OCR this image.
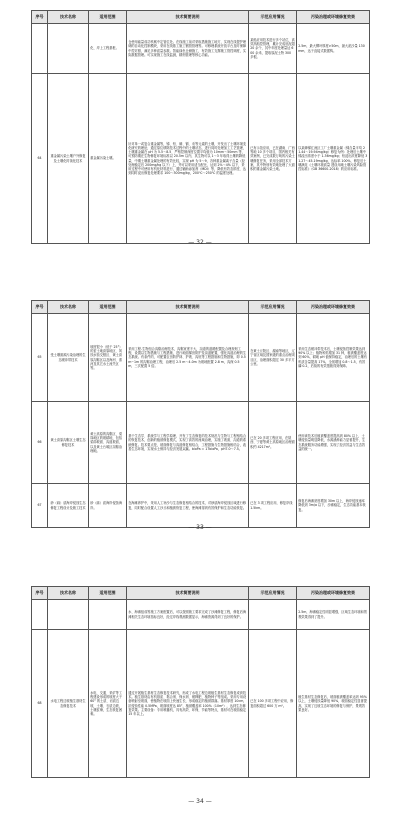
序号	技术名称	适用范围	技术简要说明	示范应用情况	污染治理或环境修复效果
		化、岸上工程基桩。	仓使用能量成功机械中定管位处。在线施工前对采取措施施工地方，实现在线提护理调的自动化控制模块，采用在线基工施工钢管管理等。可修理系统开放平台及时保障中控对照，满足多种质量参数。智能绿色仓储施工，有效施工支撑施工管控调度，实际数据管理。可实现施工在线监测，精细管理等核心功能。	某船应用技术进行多个站位，高效高船控管理，累计完成底泥超 20 余个，其中年度处理量达 600 余米，提取原泥土特 300 多根。	2.5m，最大柳叶厚度>50m，最大泥沙量 130mm，达于直接式数据钩。
64	重金属污染土壤户外修复及土壤化时钝化技术	重金属污染土壤。	针对单一或复合重金属等，锑、铅、砷、镉、汞等元素的土壤，开发出了土壤环境变化研究的理论，通过原位移除技术过程中的土壤状态，进行同时处理加工工艺管理，土壤重金属在 pH 为 5.5～8.5、严格控制深度位置平均值为 10mm～50mm 等，可预防期在生物修复环境标准以 20.5m 以内，其生物可以 1～3 年取得土壤的降低量，中期土壤重金属处理的有效比较，实现 pH 为 5～9，各种重金属离子含量（经处理稳定后 200mg/kg 以下）上，并可以采用适当配比，达到 2%～4% 以下，采用过程中可使用有机化材料进行，通过辅助添加剂（MDI）等，降低有效态浓度，达到同时浸出修复处理要求 100～300mg/kg，200℃～250℃ 的温度处理。	已有示范应用，已在湖南、广西等地 10 多个项目，国内相关有效案例，已完成数万吨的污染土壤修复任务，采用全部技术方案，其中特别有效地处理了大面积的重金属污染土地。	以某砷锑汇流区工厂土壤重金属（锑含量平均 21.44～19.94mg/kg）修复为例：处理后土壤中锑浸出浓度小于 1.36mg/kg；铅浸出浓度降低 31.27～45.19mg/kg，达标率 100%，修复后土壤满足《土壤环境质量 建设用地土壤污染风险管控标准》（GB 36600-2018）的应用标准。
— 32 —
序号	技术名称	适用范围	技术简要说明	示范应用情况	污染治理或环境修复效果
65	受土壤面源污染治理的生态缓冲带技术	坡度很小（低于 25°）的贫土地高原地区、风蚀水蚀交错区、黄土高原沟壑区以及海河、淮河及其它水土流失区等。	采用工程-生物组合沟壑治理技术，沟壑宽度不大，沟道的道路配置及合理规划工程，设置以生物措施与工程措施，进行地面梯田防护及沟道配置，强化沟道治理的生态系统。有条件的，可配置农田防护林、护坡、沟底等工程措施和生物措施，即 0.5m~1m 的沟壑治理工程，治理后 2.5 m～4.0m 为坡地配置 2.8 m，沟深 0.5 m，三次配置 5 倍。	在黄土丘陵区、湖南等地区，辽宁省区域及国家级的重点治理项目区，治理面积超过 30 多平方公里。	采用生态缓冲带技术后，土壤侵蚀控制效果达到 90% 以上；植物种类增加 31 种，植被覆盖度达到 60%，耕地 pH 值保持稳定，治理后的土壤有机质含量提高 17%，全氮增加 0.8～1.5，有效磷 0.2，后续的有效措施得到保障。
66	黄土高原沟壑区土壤生态修复技术	黄土高原的沟壑区、梁峁地区的坡耕地，包括梁峁坡面、沟道坡面，以及黄土台塬区沟壑治理地。	基于生态学、系统学与工程学原理，开发了生态修复的技术规范与生物与工程相结合的恢复技术，创新的植被修复模式，实现了高效的流域治理，实施了坡面、沟道的系统修复。技术要点是，坡面修复与沟道修复相结合，工程措施与生物措施相结合，改善生态环境，实现水土保持与经济发展双赢。bioPa = 17bioPa，pH7.0～7.5。	已在 20 多项工程应用，在陕西、宁夏等黄土高原地区治理面积约 4217m²。	使用该技术后植被覆盖度提高到 80% 以上，土壤侵蚀量明显降低，水源涵养能力显著提升，生态系统服务功能增强，实现了经济效益与生态效益的统一。
67	砂（砾）质海岸侵蚀生态修复工程设计及施工技术	砂（砾）质海岸侵蚀海岸。	在海滩养护中，采用人工补沙与生态修复相结合的技术，对砂质海岸侵蚀区域进行修复，同时配合设置人工沙丘和植被恢复工程，使海滩得到有效保护和生态功能恢复。	已在 3 项工程应用，修复岸线 1.5km。	修复后海滩宽度增加 30m 以上，海岸侵蚀速率降低到 3m/a 以下，沙滩稳定，生态功能基本恢复。
— 33 —
序号	技术名称	适用范围	技术简要说明	示范应用情况	污染治理或环境修复效果
			水、海滩组成等施工方案配置后，可以按照施工要求完成了沙滩修复工程，修复后海滩相关生态环境指标良好，经过岸线观测数据显示，海滩资源得到了良好的保护。		2.5m，海滩稳定性明显增强，区域生态环境和景观效果得到了提升。
68	水电工程边坡植生基材生态修复技术	水电、交通、采矿等工程建设形成的坡度大于 60° 的土质、岩质边坡，土壤、石质边坡，土壤贫瘠，生态恢复困难。	通过开展植生基材生态修复技术研究，形成了水电工程边坡植生基材生态修复成套技术。植生基材由有机基质、黏合剂、保水剂、缓释肥、植物种子等组成。采用专用设备喷射至坡面，使植物在坡面上快速生长，形成稳定的植被群落。基材厚度 10cm，抗侵蚀性能 0.5MPa，坡面坡度达 85°，植被覆盖率 100%（10m²），达到生态修复效果。主要设备：专用喷播机，具有高效、环保、节能等特点，基材可在坡面稳定 15 年以上。	已在 100 多项工程中应用，修复面积超过 600 万 m²。	植生基材生态修复后，坡面植被覆盖率达到 95% 以上，土壤侵蚀量降低 90%，坡面稳定性显著提高，实现了边坡生态环境的修复与保护，景观效果良好。
— 34 —
